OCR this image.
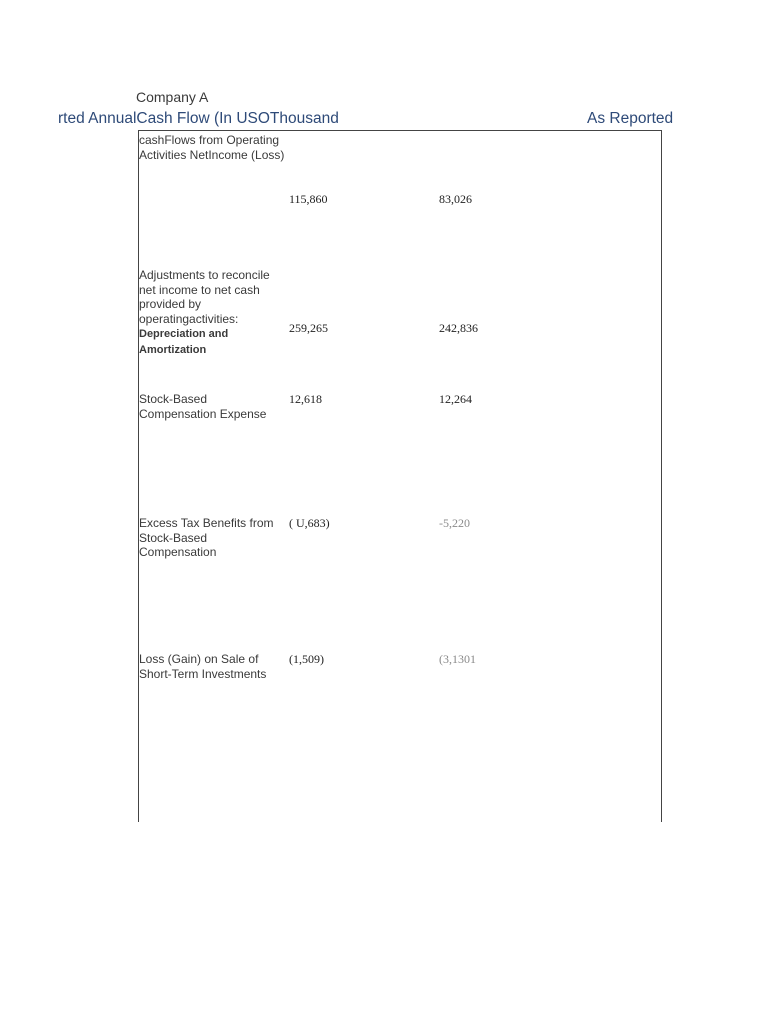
Company A
rted AnnualCash Flow (In USOThousand	As Reported
cashFlows from Operating Activities NetIncome (Loss)
115,860	83,026
Adjustments to reconcile net income to net cash provided by operatingactivities:
Depreciation and Amortization
259,265	242,836
Stock-Based Compensation Expense
12,618	12,264
Excess Tax Benefits from Stock-Based Compensation
( U,683)	-5,220
Loss (Gain) on Sale of Short-Term Investments
(1,509)	(3,1301
